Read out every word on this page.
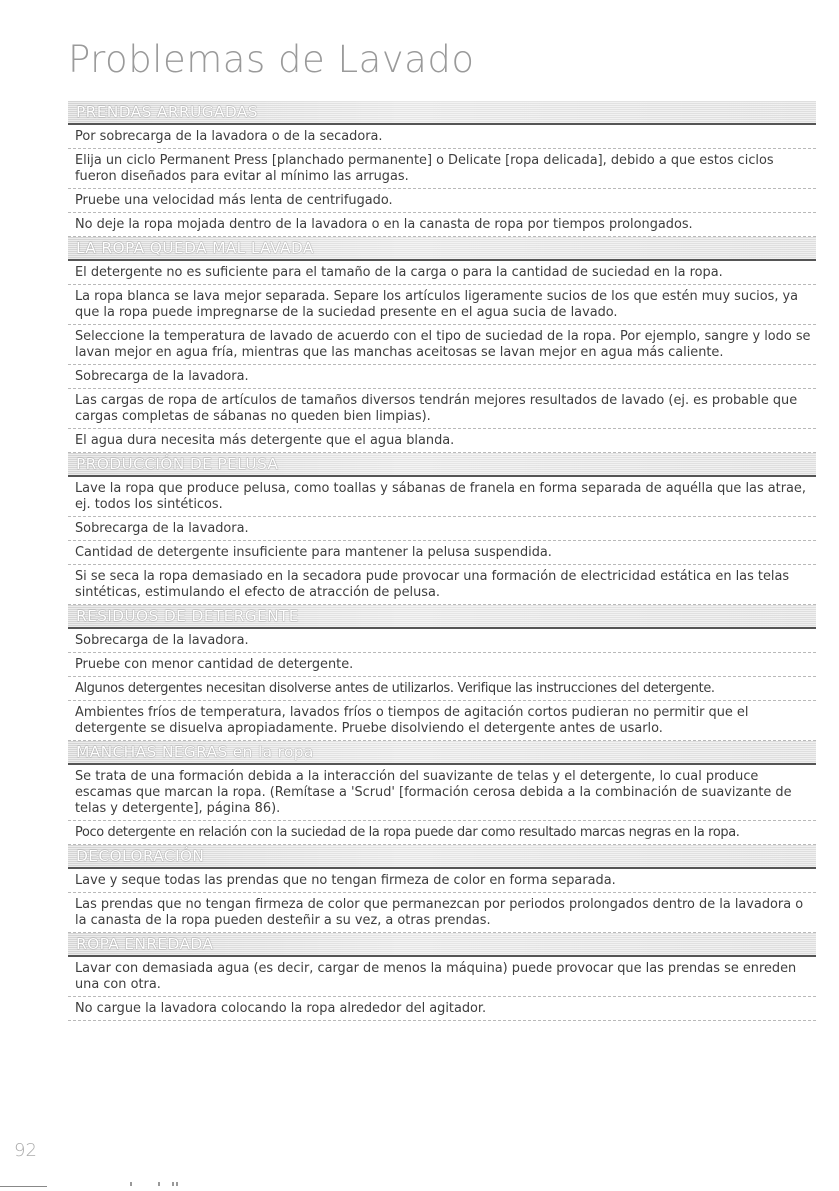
Problemas de Lavado
PRENDAS ARRUGADAS
Por sobrecarga de la lavadora o de la secadora.
Elija un ciclo Permanent Press [planchado permanente] o Delicate [ropa delicada], debido a que estos ciclos fueron diseñados para evitar al mínimo las arrugas.
Pruebe una velocidad más lenta de centrifugado.
No deje la ropa mojada dentro de la lavadora o en la canasta de ropa por tiempos prolongados.
LA ROPA QUEDA MAL LAVADA
El detergente no es suficiente para el tamaño de la carga o para la cantidad de suciedad en la ropa.
La ropa blanca se lava mejor separada. Separe los artículos ligeramente sucios de los que estén muy sucios, ya que la ropa puede impregnarse de la suciedad presente en el agua sucia de lavado.
Seleccione la temperatura de lavado de acuerdo con el tipo de suciedad de la ropa. Por ejemplo, sangre y lodo se lavan mejor en agua fría, mientras que las manchas aceitosas se lavan mejor en agua más caliente.
Sobrecarga de la lavadora.
Las cargas de ropa de artículos de tamaños diversos tendrán mejores resultados de lavado (ej. es probable que cargas completas de sábanas no queden bien limpias).
El agua dura necesita más detergente que el agua blanda.
PRODUCCIÓN DE PELUSA
Lave la ropa que produce pelusa, como toallas y sábanas de franela en forma separada de aquélla que las atrae, ej. todos los sintéticos.
Sobrecarga de la lavadora.
Cantidad de detergente insuficiente para mantener la pelusa suspendida.
Si se seca la ropa demasiado en la secadora pude provocar una formación de electricidad estática en las telas sintéticas, estimulando el efecto de atracción de pelusa.
RESIDUOS DE DETERGENTE
Sobrecarga de la lavadora.
Pruebe con menor cantidad de detergente.
Algunos detergentes necesitan disolverse antes de utilizarlos. Verifique las instrucciones del detergente.
Ambientes fríos de temperatura, lavados fríos o tiempos de agitación cortos pudieran no permitir que el detergente se disuelva apropiadamente. Pruebe disolviendo el detergente antes de usarlo.
MANCHAS NEGRAS en la ropa
Se trata de una formación debida a la interacción del suavizante de telas y el detergente, lo cual produce escamas que marcan la ropa. (Remítase a 'Scrud' [formación cerosa debida a la combinación de suavizante de telas y detergente], página 86).
Poco detergente en relación con la suciedad de la ropa puede dar como resultado marcas negras en la ropa.
DECOLORACIÓN
Lave y seque todas las prendas que no tengan firmeza de color en forma separada.
Las prendas que no tengan firmeza de color que permanezcan por periodos prolongados dentro de la lavadora o la canasta de la ropa pueden desteñir a su vez, a otras prendas.
ROPA ENREDADA
Lavar con demasiada agua (es decir, cargar de menos la máquina) puede provocar que las prendas se enreden una con otra.
No cargue la lavadora colocando la ropa alrededor del agitador.
92
